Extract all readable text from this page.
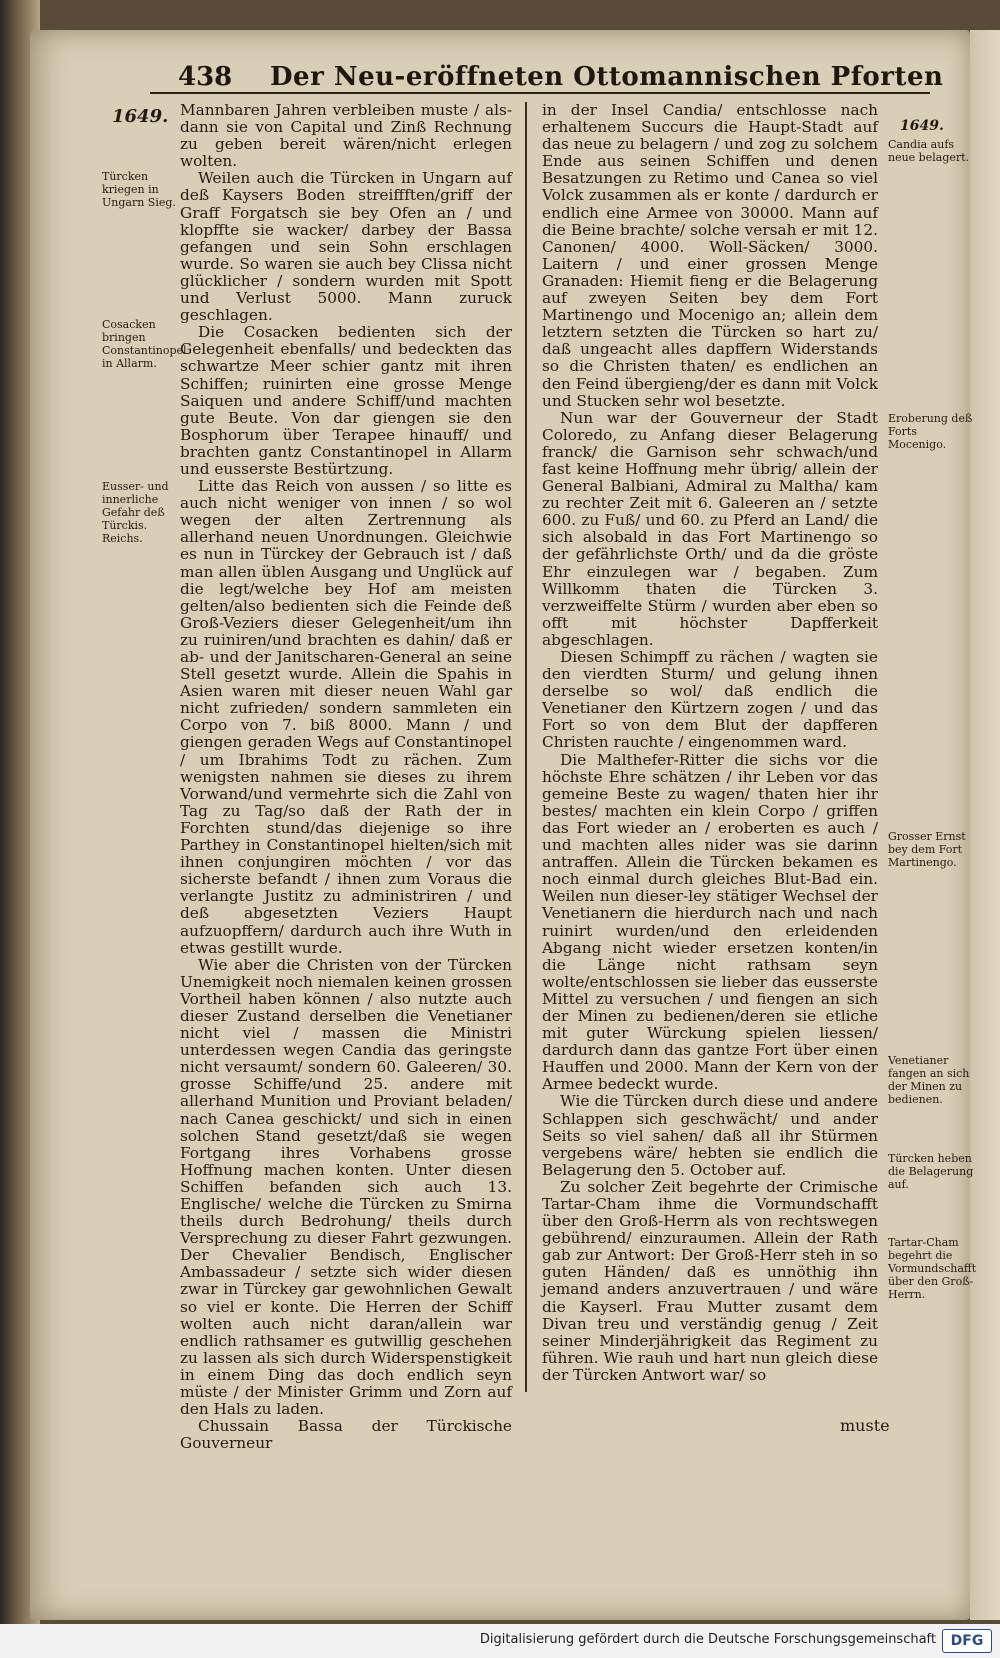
438 Der Neu-eröffneten Ottomannischen Pforten
1649.	1649.

Mannbaren Jahren verbleiben muste / als-dann sie von Capital und Zinß Rechnung zu geben bereit wären/nicht erlegen wolten.

Weilen auch die Türcken in Ungarn auf deß Kaysers Boden streiffften/griff der Graff Forgatsch sie bey Ofen an / und klopffte sie wacker/ darbey der Bassa gefangen und sein Sohn erschlagen wurde. So waren sie auch bey Clissa nicht glücklicher / sondern wurden mit Spott und Verlust 5000. Mann zuruck geschlagen.

Die Cosacken bedienten sich der Gelegenheit ebenfalls/ und bedeckten das schwartze Meer schier gantz mit ihren Schiffen; ruinirten eine grosse Menge Saiquen und andere Schiff/und machten gute Beute. Von dar giengen sie den Bosphorum über Terapee hinauff/ und brachten gantz Constantinopel in Allarm und eusserste Bestürtzung.

Litte das Reich von aussen / so litte es auch nicht weniger von innen / so wol wegen der alten Zertrennung als allerhand neuen Unordnungen. Gleichwie es nun in Türckey der Gebrauch ist / daß man allen üblen Ausgang und Unglück auf die legt/welche bey Hof am meisten gelten/also bedienten sich die Feinde deß Groß-Veziers dieser Gelegenheit/um ihn zu ruiniren/und brachten es dahin/ daß er ab- und der Janitscharen-General an seine Stell gesetzt wurde. Allein die Spahis in Asien waren mit dieser neuen Wahl gar nicht zufrieden/ sondern sammleten ein Corpo von 7. biß 8000. Mann / und giengen geraden Wegs auf Constantinopel / um Ibrahims Todt zu rächen. Zum wenigsten nahmen sie dieses zu ihrem Vorwand/und vermehrte sich die Zahl von Tag zu Tag/so daß der Rath der in Forchten stund/das diejenige so ihre Parthey in Constantinopel hielten/sich mit ihnen conjungiren möchten / vor das sicherste befandt / ihnen zum Voraus die verlangte Justitz zu administriren / und deß abgesetzten Veziers Haupt aufzuopffern/ dardurch auch ihre Wuth in etwas gestillt wurde.

Wie aber die Christen von der Türcken Unemigkeit noch niemalen keinen grossen Vortheil haben können / also nutzte auch dieser Zustand derselben die Venetianer nicht viel / massen die Ministri unterdessen wegen Candia das geringste nicht versaumt/ sondern 60. Galeeren/ 30. grosse Schiffe/und 25. andere mit allerhand Munition und Proviant beladen/ nach Canea geschickt/ und sich in einen solchen Stand gesetzt/daß sie wegen Fortgang ihres Vorhabens grosse Hoffnung machen konten. Unter diesen Schiffen befanden sich auch 13. Englische/ welche die Türcken zu Smirna theils durch Bedrohung/ theils durch Versprechung zu dieser Fahrt gezwungen. Der Chevalier Bendisch, Englischer Ambassadeur / setzte sich wider diesen zwar in Türckey gar gewohnlichen Gewalt so viel er konte. Die Herren der Schiff wolten auch nicht daran/allein war endlich rathsamer es gutwillig geschehen zu lassen als sich durch Widerspenstigkeit in einem Ding das doch endlich seyn müste / der Minister Grimm und Zorn auf den Hals zu laden.

Chussain Bassa der Türckische Gouverneur

in der Insel Candia/ entschlosse nach erhaltenem Succurs die Haupt-Stadt auf das neue zu belagern / und zog zu solchem Ende aus seinen Schiffen und denen Besatzungen zu Retimo und Canea so viel Volck zusammen als er konte / dardurch er endlich eine Armee von 30000. Mann auf die Beine brachte/ solche versah er mit 12. Canonen/ 4000. Woll-Säcken/ 3000. Laitern / und einer grossen Menge Granaden: Hiemit fieng er die Belagerung auf zweyen Seiten bey dem Fort Martinengo und Mocenigo an; allein dem letztern setzten die Türcken so hart zu/ daß ungeacht alles dapffern Widerstands so die Christen thaten/ es endlichen an den Feind übergieng/der es dann mit Volck und Stucken sehr wol besetzte.

Nun war der Gouverneur der Stadt Coloredo, zu Anfang dieser Belagerung franck/ die Garnison sehr schwach/und fast keine Hoffnung mehr übrig/ allein der General Balbiani, Admiral zu Maltha/ kam zu rechter Zeit mit 6. Galeeren an / setzte 600. zu Fuß/ und 60. zu Pferd an Land/ die sich alsobald in das Fort Martinengo so der gefährlichste Orth/ und da die gröste Ehr einzulegen war / begaben. Zum Willkomm thaten die Türcken 3. verzweiffelte Stürm / wurden aber eben so offt mit höchster Dapfferkeit abgeschlagen.

Diesen Schimpff zu rächen / wagten sie den vierdten Sturm/ und gelung ihnen derselbe so wol/ daß endlich die Venetianer den Kürtzern zogen / und das Fort so von dem Blut der dapfferen Christen rauchte / eingenommen ward.

Die Malthefer-Ritter die sichs vor die höchste Ehre schätzen / ihr Leben vor das gemeine Beste zu wagen/ thaten hier ihr bestes/ machten ein klein Corpo / griffen das Fort wieder an / eroberten es auch / und machten alles nider was sie darinn antraffen. Allein die Türcken bekamen es noch einmal durch gleiches Blut-Bad ein. Weilen nun dieser-ley stätiger Wechsel der Venetianern die hierdurch nach und nach ruinirt wurden/und den erleidenden Abgang nicht wieder ersetzen konten/in die Länge nicht rathsam seyn wolte/entschlossen sie lieber das eusserste Mittel zu versuchen / und fiengen an sich der Minen zu bedienen/deren sie etliche mit guter Würckung spielen liessen/ dardurch dann das gantze Fort über einen Hauffen und 2000. Mann der Kern von der Armee bedeckt wurde.

Wie die Türcken durch diese und andere Schlappen sich geschwächt/ und ander Seits so viel sahen/ daß all ihr Stürmen vergebens wäre/ hebten sie endlich die Belagerung den 5. October auf.

Zu solcher Zeit begehrte der Crimische Tartar-Cham ihme die Vormundschafft über den Groß-Herrn als von rechtswegen gebührend/ einzuraumen. Allein der Rath gab zur Antwort: Der Groß-Herr steh in so guten Händen/ daß es unnöthig ihn jemand anders anzuvertrauen / und wäre die Kayserl. Frau Mutter zusamt dem Divan treu und verständig genug / Zeit seiner Minderjährigkeit das Regiment zu führen. Wie rauh und hart nun gleich diese der Türcken Antwort war/ so

muste
Türcken kriegen in Ungarn Sieg.
Cosacken bringen Constantinopel in Allarm.
Eusser- und innerliche Gefahr deß Türckis. Reichs.
Candia aufs neue belagert.
Eroberung deß Forts Mocenigo.
Grosser Ernst bey dem Fort Martinengo.
Venetianer fangen an sich der Minen zu bedienen.
Türcken heben die Belagerung auf.
Tartar-Cham begehrt die Vormundschafft über den Groß-Herrn.
Digitalisierung gefördert durch die Deutsche Forschungsgemeinschaft	DFG
